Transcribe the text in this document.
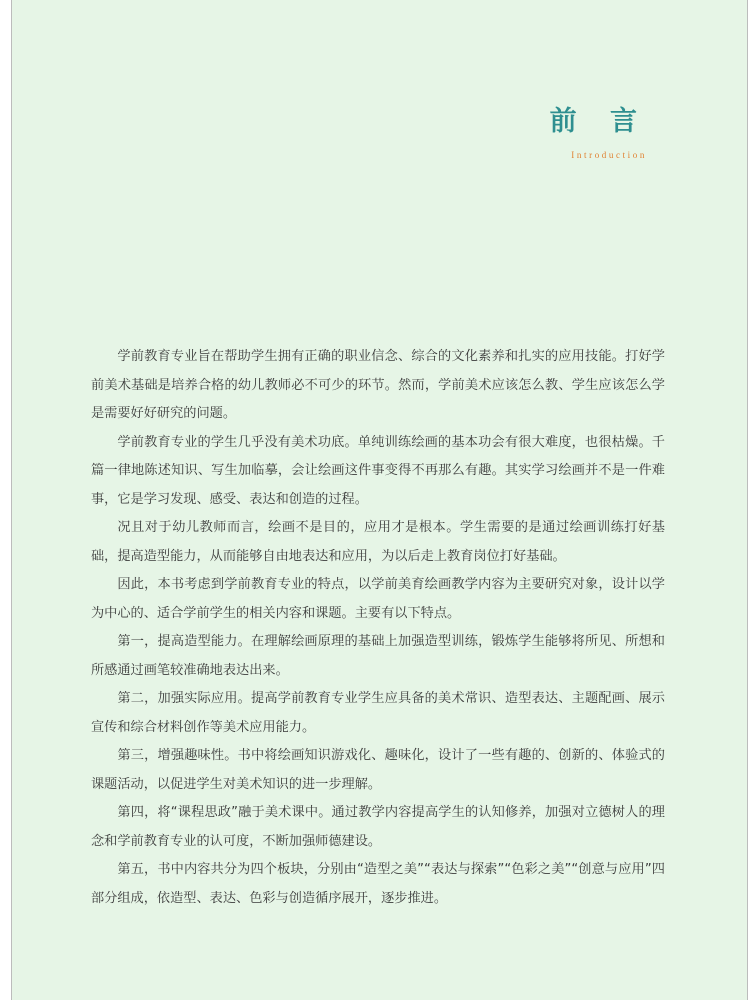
前 言
Introduction

学前教育专业旨在帮助学生拥有正确的职业信念、综合的文化素养和扎实的应用技能。打好学前美术基础是培养合格的幼儿教师必不可少的环节。然而，学前美术应该怎么教、学生应该怎么学是需要好好研究的问题。

学前教育专业的学生几乎没有美术功底。单纯训练绘画的基本功会有很大难度，也很枯燥。千篇一律地陈述知识、写生加临摹，会让绘画这件事变得不再那么有趣。其实学习绘画并不是一件难事，它是学习发现、感受、表达和创造的过程。

况且对于幼儿教师而言，绘画不是目的，应用才是根本。学生需要的是通过绘画训练打好基础，提高造型能力，从而能够自由地表达和应用，为以后走上教育岗位打好基础。

因此，本书考虑到学前教育专业的特点，以学前美育绘画教学内容为主要研究对象，设计以学为中心的、适合学前学生的相关内容和课题。主要有以下特点。

第一，提高造型能力。在理解绘画原理的基础上加强造型训练，锻炼学生能够将所见、所想和所感通过画笔较准确地表达出来。

第二，加强实际应用。提高学前教育专业学生应具备的美术常识、造型表达、主题配画、展示宣传和综合材料创作等美术应用能力。

第三，增强趣味性。书中将绘画知识游戏化、趣味化，设计了一些有趣的、创新的、体验式的课题活动，以促进学生对美术知识的进一步理解。

第四，将“课程思政”融于美术课中。通过教学内容提高学生的认知修养，加强对立德树人的理念和学前教育专业的认可度，不断加强师德建设。

第五，书中内容共分为四个板块，分别由“造型之美”“表达与探索”“色彩之美”“创意与应用”四部分组成，依造型、表达、色彩与创造循序展开，逐步推进。
